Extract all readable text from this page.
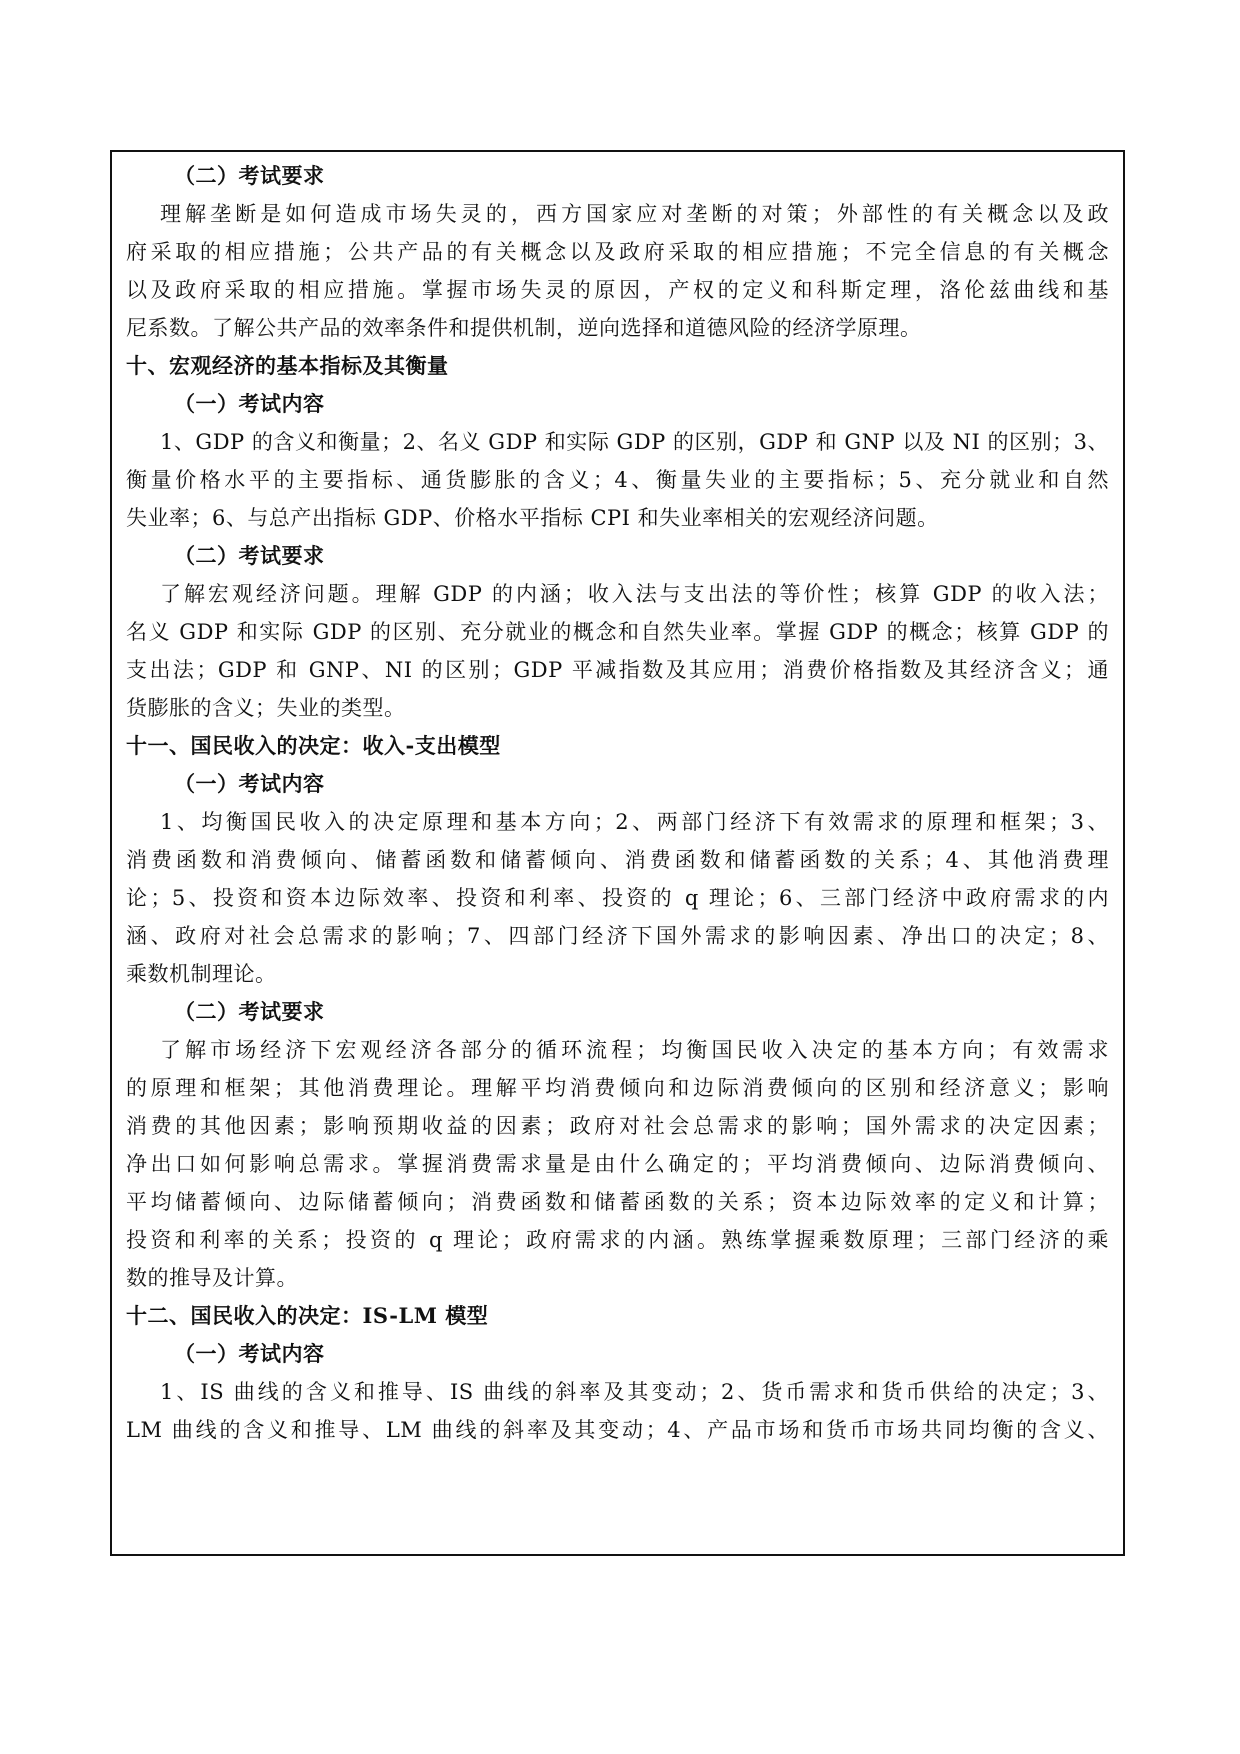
（二）考试要求
理解垄断是如何造成市场失灵的，西方国家应对垄断的对策；外部性的有关概念以及政
府采取的相应措施；公共产品的有关概念以及政府采取的相应措施；不完全信息的有关概念
以及政府采取的相应措施。掌握市场失灵的原因，产权的定义和科斯定理，洛伦兹曲线和基
尼系数。了解公共产品的效率条件和提供机制，逆向选择和道德风险的经济学原理。
十、宏观经济的基本指标及其衡量
（一）考试内容
1、GDP 的含义和衡量；2、名义 GDP 和实际 GDP 的区别，GDP 和 GNP 以及 NI 的区别；3、
衡量价格水平的主要指标、通货膨胀的含义；4、衡量失业的主要指标；5、充分就业和自然
失业率；6、与总产出指标 GDP、价格水平指标 CPI 和失业率相关的宏观经济问题。
（二）考试要求
了解宏观经济问题。理解 GDP 的内涵；收入法与支出法的等价性；核算 GDP 的收入法；
名义 GDP 和实际 GDP 的区别、充分就业的概念和自然失业率。掌握 GDP 的概念；核算 GDP 的
支出法；GDP 和 GNP、NI 的区别；GDP 平减指数及其应用；消费价格指数及其经济含义；通
货膨胀的含义；失业的类型。
十一、国民收入的决定：收入-支出模型
（一）考试内容
1、均衡国民收入的决定原理和基本方向；2、两部门经济下有效需求的原理和框架；3、
消费函数和消费倾向、储蓄函数和储蓄倾向、消费函数和储蓄函数的关系；4、其他消费理
论；5、投资和资本边际效率、投资和利率、投资的 q 理论；6、三部门经济中政府需求的内
涵、政府对社会总需求的影响；7、四部门经济下国外需求的影响因素、净出口的决定；8、
乘数机制理论。
（二）考试要求
了解市场经济下宏观经济各部分的循环流程；均衡国民收入决定的基本方向；有效需求
的原理和框架；其他消费理论。理解平均消费倾向和边际消费倾向的区别和经济意义；影响
消费的其他因素；影响预期收益的因素；政府对社会总需求的影响；国外需求的决定因素；
净出口如何影响总需求。掌握消费需求量是由什么确定的；平均消费倾向、边际消费倾向、
平均储蓄倾向、边际储蓄倾向；消费函数和储蓄函数的关系；资本边际效率的定义和计算；
投资和利率的关系；投资的 q 理论；政府需求的内涵。熟练掌握乘数原理；三部门经济的乘
数的推导及计算。
十二、国民收入的决定：IS-LM 模型
（一）考试内容
1、IS 曲线的含义和推导、IS 曲线的斜率及其变动；2、货币需求和货币供给的决定；3、
LM 曲线的含义和推导、LM 曲线的斜率及其变动；4、产品市场和货币市场共同均衡的含义、
